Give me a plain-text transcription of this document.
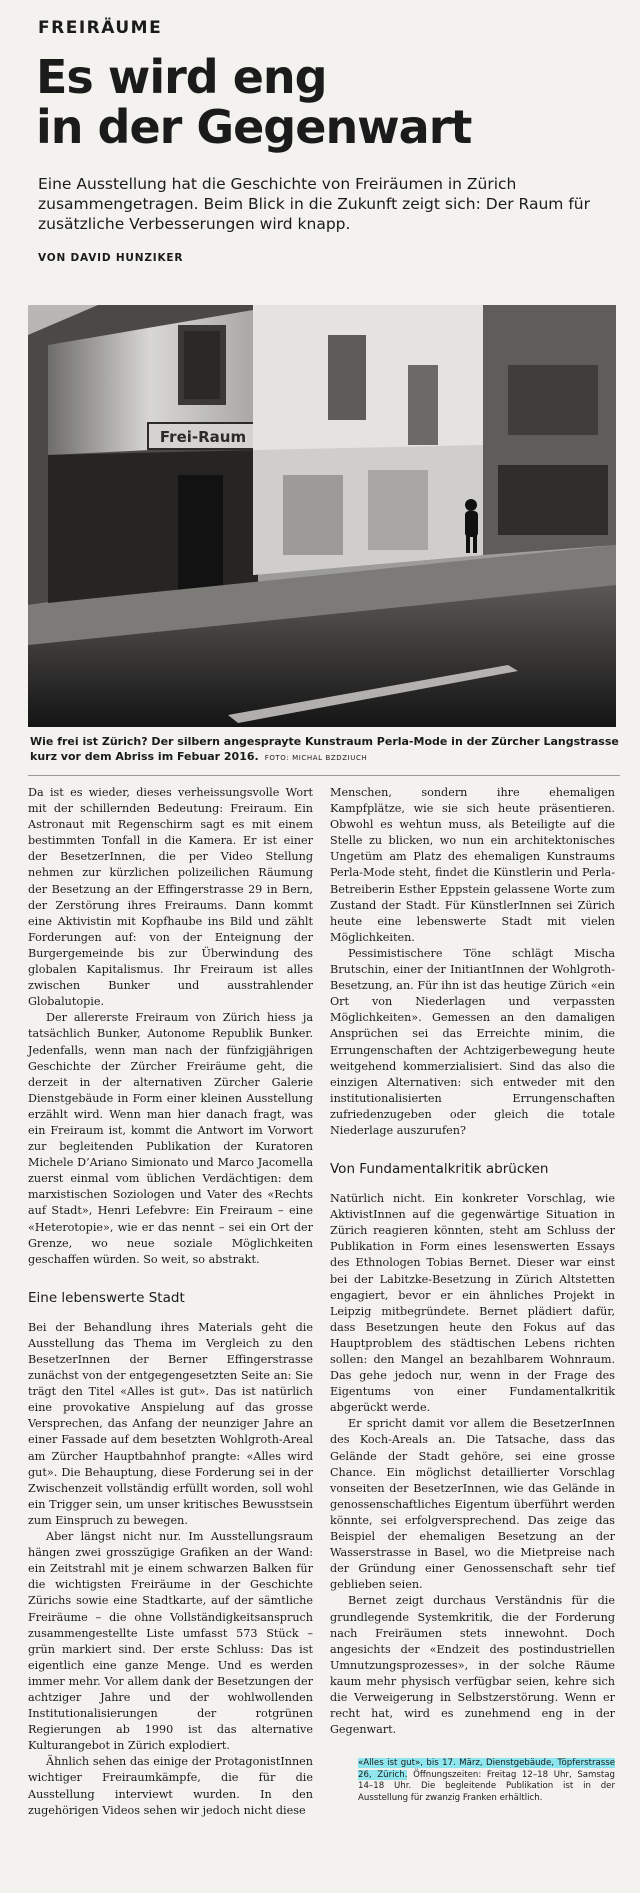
FREIRÄUME
Es wird eng
in der Gegenwart
Eine Ausstellung hat die Geschichte von Freiräumen in Zürich zusammengetragen. Beim Blick in die Zukunft zeigt sich: Der Raum für zusätzliche Verbesserungen wird knapp.
VON DAVID HUNZIKER
Frei-Raum
Wie frei ist Zürich? Der silbern angesprayte Kunstraum Perla-Mode in der Zürcher Langstrasse kurz vor dem Abriss im Febuar 2016. FOTO: MICHAL BZDZIUCH

Da ist es wieder, dieses verheissungsvolle Wort mit der schillernden Bedeutung: Freiraum. Ein Astronaut mit Regenschirm sagt es mit einem bestimmten Tonfall in die Kamera. Er ist einer der BesetzerInnen, die per Video Stellung nehmen zur kürzlichen polizeilichen Räumung der Besetzung an der Effingerstrasse 29 in Bern, der Zerstörung ihres Freiraums. Dann kommt eine Aktivistin mit Kopfhaube ins Bild und zählt Forderungen auf: von der Enteignung der Burgergemeinde bis zur Überwindung des globalen Kapitalismus. Ihr Freiraum ist alles zwischen Bunker und ausstrahlender Globalutopie.

Der allererste Freiraum von Zürich hiess ja tatsächlich Bunker, Autonome Republik Bunker. Jedenfalls, wenn man nach der fünfzigjährigen Geschichte der Zürcher Freiräume geht, die derzeit in der alternativen Zürcher Galerie Dienstgebäude in Form einer kleinen Ausstellung erzählt wird. Wenn man hier danach fragt, was ein Freiraum ist, kommt die Antwort im Vorwort zur begleitenden Publikation der Kuratoren Michele D’Ariano Simionato und Marco Jacomella zuerst einmal vom üblichen Verdächtigen: dem marxistischen Soziologen und Vater des «Rechts auf Stadt», Henri Lefebvre: Ein Freiraum – eine «Heterotopie», wie er das nennt – sei ein Ort der Grenze, wo neue soziale Möglichkeiten geschaffen würden. So weit, so abstrakt.

Eine lebenswerte Stadt

Bei der Behandlung ihres Materials geht die Ausstellung das Thema im Vergleich zu den BesetzerInnen der Berner Effingerstrasse zunächst von der entgegengesetzten Seite an: Sie trägt den Titel «Alles ist gut». Das ist natürlich eine provokative Anspielung auf das grosse Versprechen, das Anfang der neunziger Jahre an einer Fassade auf dem besetzten Wohlgroth-Areal am Zürcher Hauptbahnhof prangte: «Alles wird gut». Die Behauptung, diese Forderung sei in der Zwischenzeit vollständig erfüllt worden, soll wohl ein Trigger sein, um unser kritisches Bewusstsein zum Einspruch zu bewegen.

Aber längst nicht nur. Im Ausstellungsraum hängen zwei grosszügige Grafiken an der Wand: ein Zeitstrahl mit je einem schwarzen Balken für die wichtigsten Freiräume in der Geschichte Zürichs sowie eine Stadtkarte, auf der sämtliche Freiräume – die ohne Vollständigkeitsanspruch zusammengestellte Liste umfasst 573 Stück – grün markiert sind. Der erste Schluss: Das ist eigentlich eine ganze Menge. Und es werden immer mehr. Vor allem dank der Besetzungen der achtziger Jahre und der wohlwollenden Institutionalisierungen der rotgrünen Regierungen ab 1990 ist das alternative Kulturangebot in Zürich explodiert.

Ähnlich sehen das einige der ProtagonistInnen wichtiger Freiraumkämpfe, die für die Ausstellung interviewt wurden. In den zugehörigen Videos sehen wir jedoch nicht diese

Menschen, sondern ihre ehemaligen Kampfplätze, wie sie sich heute präsentieren. Obwohl es wehtun muss, als Beteiligte auf die Stelle zu blicken, wo nun ein architektonisches Ungetüm am Platz des ehemaligen Kunstraums Perla-Mode steht, findet die Künstlerin und Perla-Betreiberin Esther Eppstein gelassene Worte zum Zustand der Stadt. Für KünstlerInnen sei Zürich heute eine lebenswerte Stadt mit vielen Möglichkeiten.

Pessimistischere Töne schlägt Mischa Brutschin, einer der InitiantInnen der Wohlgroth-Besetzung, an. Für ihn ist das heutige Zürich «ein Ort von Niederlagen und verpassten Möglichkeiten». Gemessen an den damaligen Ansprüchen sei das Erreichte minim, die Errungenschaften der Achtzigerbewegung heute weitgehend kommerzialisiert. Sind das also die einzigen Alternativen: sich entweder mit den institutionalisierten Errungenschaften zufriedenzugeben oder gleich die totale Niederlage auszurufen?

Von Fundamentalkritik abrücken

Natürlich nicht. Ein konkreter Vorschlag, wie AktivistInnen auf die gegenwärtige Situation in Zürich reagieren könnten, steht am Schluss der Publikation in Form eines lesenswerten Essays des Ethnologen Tobias Bernet. Dieser war einst bei der Labitzke-Besetzung in Zürich Altstetten engagiert, bevor er ein ähnliches Projekt in Leipzig mitbegründete. Bernet plädiert dafür, dass Besetzungen heute den Fokus auf das Hauptproblem des städtischen Lebens richten sollen: den Mangel an bezahlbarem Wohnraum. Das gehe jedoch nur, wenn in der Frage des Eigentums von einer Fundamentalkritik abgerückt werde.

Er spricht damit vor allem die BesetzerInnen des Koch-Areals an. Die Tatsache, dass das Gelände der Stadt gehöre, sei eine grosse Chance. Ein möglichst detaillierter Vorschlag vonseiten der BesetzerInnen, wie das Gelände in genossenschaftliches Eigentum überführt werden könnte, sei erfolgversprechend. Das zeige das Beispiel der ehemaligen Besetzung an der Wasserstrasse in Basel, wo die Mietpreise nach der Gründung einer Genossenschaft sehr tief geblieben seien.

Bernet zeigt durchaus Verständnis für die grundlegende Systemkritik, die der Forderung nach Freiräumen stets innewohnt. Doch angesichts der «Endzeit des postindustriellen Umnutzungsprozesses», in der solche Räume kaum mehr physisch verfügbar seien, kehre sich die Verweigerung in Selbstzerstörung. Wenn er recht hat, wird es zunehmend eng in der Gegenwart.

«Alles ist gut», bis 17. März, Dienstgebäude, Töpferstrasse 26, Zürich. Öffnungszeiten: Freitag 12–18 Uhr, Samstag 14–18 Uhr. Die begleitende Publikation ist in der Ausstellung für zwanzig Franken erhältlich.
